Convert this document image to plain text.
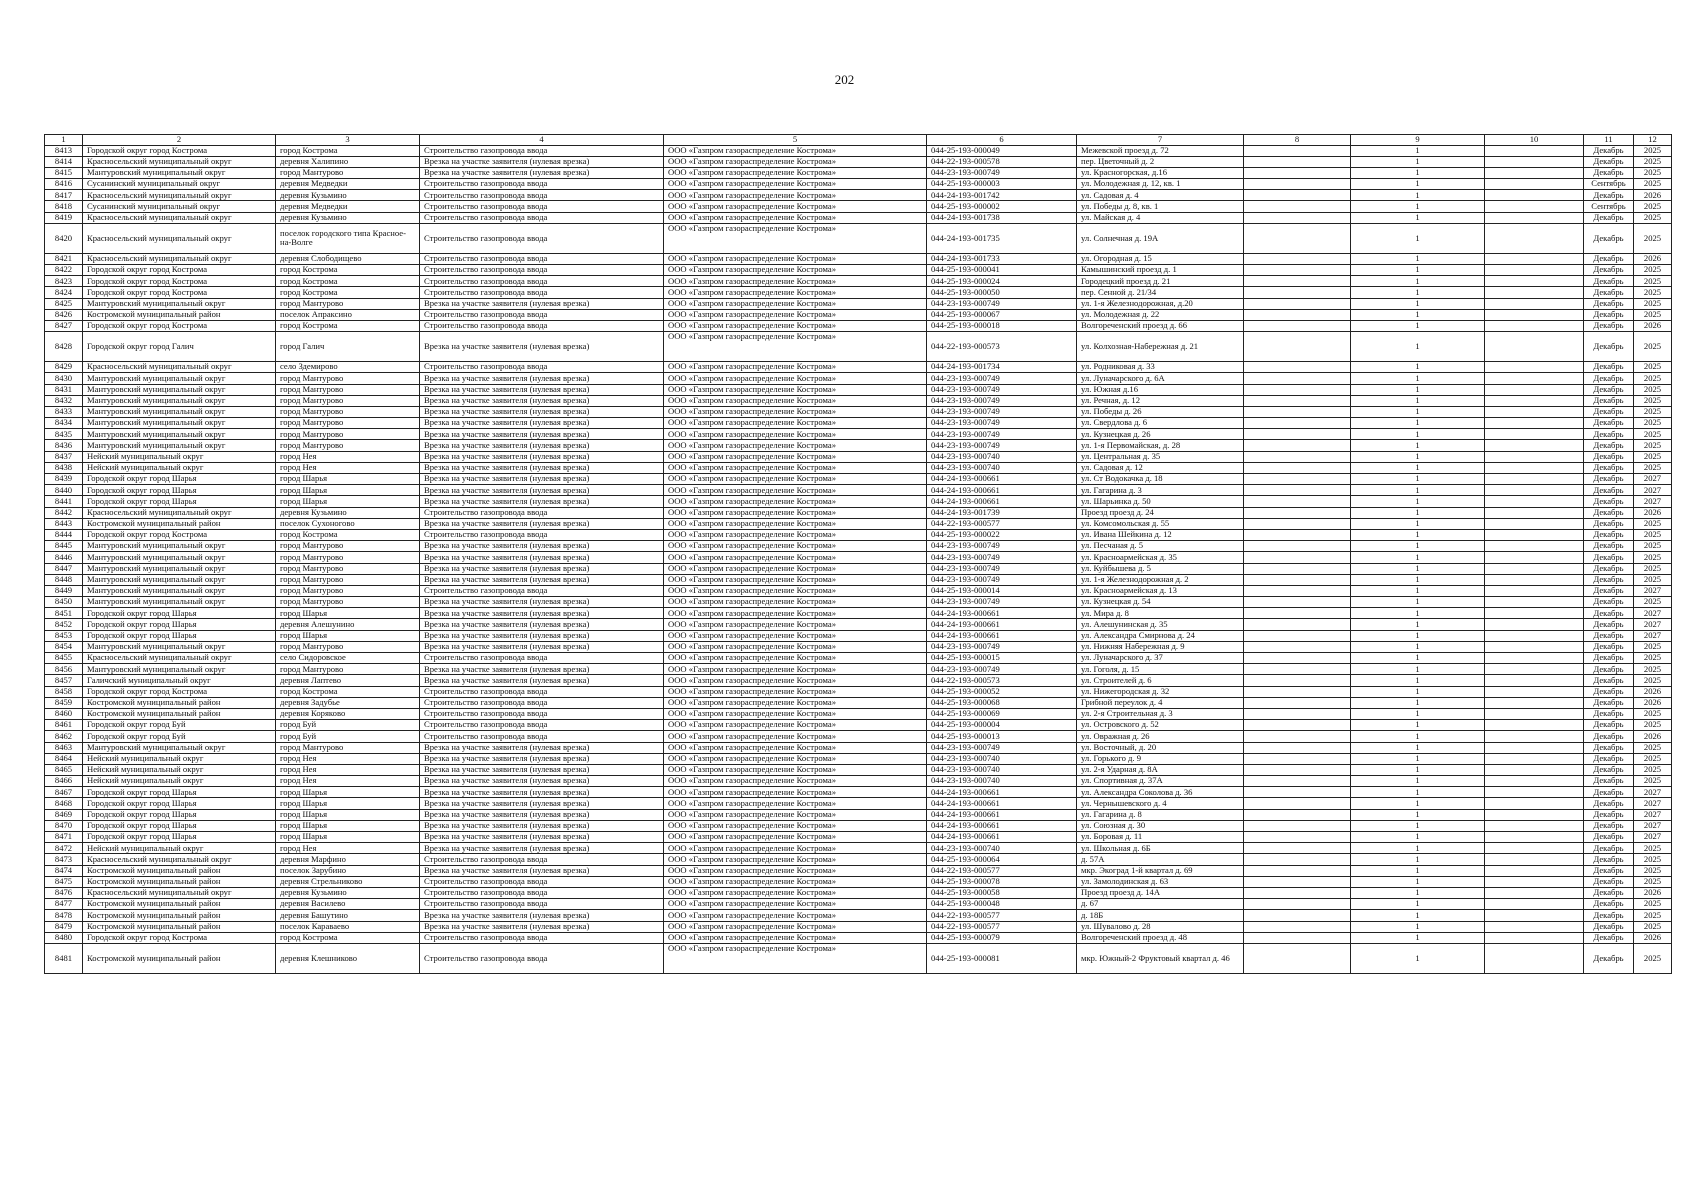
202
1	2	3	4	5	6	7	8	9	10	11	12
8413	Городской округ город Кострома	город Кострома	Строительство газопровода ввода	ООО «Газпром газораспределение Кострома»	044-25-193-000049	Межевской проезд д. 72		1		Декабрь	2025
8414	Красносельский муниципальный округ	деревня Халипино	Врезка на участке заявителя (нулевая врезка)	ООО «Газпром газораспределение Кострома»	044-22-193-000578	пер. Цветочный д. 2		1		Декабрь	2025
8415	Мантуровский муниципальный округ	город Мантурово	Врезка на участке заявителя (нулевая врезка)	ООО «Газпром газораспределение Кострома»	044-23-193-000749	ул. Красногорская, д.16		1		Декабрь	2025
8416	Сусанинский муниципальный округ	деревня Медведки	Строительство газопровода ввода	ООО «Газпром газораспределение Кострома»	044-25-193-000003	ул. Молодежная д. 12, кв. 1		1		Сентябрь	2025
8417	Красносельский муниципальный округ	деревня Кузьмино	Строительство газопровода ввода	ООО «Газпром газораспределение Кострома»	044-24-193-001742	ул. Садовая д. 4		1		Декабрь	2026
8418	Сусанинский муниципальный округ	деревня Медведки	Строительство газопровода ввода	ООО «Газпром газораспределение Кострома»	044-25-193-000002	ул. Победы д. 8, кв. 1		1		Сентябрь	2025
8419	Красносельский муниципальный округ	деревня Кузьмино	Строительство газопровода ввода	ООО «Газпром газораспределение Кострома»	044-24-193-001738	ул. Майская д. 4		1		Декабрь	2025
8420	Красносельский муниципальный округ	поселок городского типа Красное-на-Волге	Строительство газопровода ввода	ООО «Газпром газораспределение Кострома»	044-24-193-001735	ул. Солнечная д. 19А		1		Декабрь	2025
8421	Красносельский муниципальный округ	деревня Слободищево	Строительство газопровода ввода	ООО «Газпром газораспределение Кострома»	044-24-193-001733	ул. Огородная д. 15		1		Декабрь	2026
8422	Городской округ город Кострома	город Кострома	Строительство газопровода ввода	ООО «Газпром газораспределение Кострома»	044-25-193-000041	Камышинский проезд д. 1		1		Декабрь	2025
8423	Городской округ город Кострома	город Кострома	Строительство газопровода ввода	ООО «Газпром газораспределение Кострома»	044-25-193-000024	Городецкий проезд д. 21		1		Декабрь	2025
8424	Городской округ город Кострома	город Кострома	Строительство газопровода ввода	ООО «Газпром газораспределение Кострома»	044-25-193-000050	пер. Сенной д. 21/34		1		Декабрь	2025
8425	Мантуровский муниципальный округ	город Мантурово	Врезка на участке заявителя (нулевая врезка)	ООО «Газпром газораспределение Кострома»	044-23-193-000749	ул. 1-я Железнодорожная, д.20		1		Декабрь	2025
8426	Костромской муниципальный район	поселок Апраксино	Строительство газопровода ввода	ООО «Газпром газораспределение Кострома»	044-25-193-000067	ул. Молодежная д. 22		1		Декабрь	2025
8427	Городской округ город Кострома	город Кострома	Строительство газопровода ввода	ООО «Газпром газораспределение Кострома»	044-25-193-000018	Волгореченский проезд д. 66		1		Декабрь	2026
8428	Городской округ город Галич	город Галич	Врезка на участке заявителя (нулевая врезка)	ООО «Газпром газораспределение Кострома»	044-22-193-000573	ул. Колхозная-Набережная д. 21		1		Декабрь	2025
8429	Красносельский муниципальный округ	село Здемирово	Строительство газопровода ввода	ООО «Газпром газораспределение Кострома»	044-24-193-001734	ул. Родниковая д. 33		1		Декабрь	2025
8430	Мантуровский муниципальный округ	город Мантурово	Врезка на участке заявителя (нулевая врезка)	ООО «Газпром газораспределение Кострома»	044-23-193-000749	ул. Луначарского д. 6А		1		Декабрь	2025
8431	Мантуровский муниципальный округ	город Мантурово	Врезка на участке заявителя (нулевая врезка)	ООО «Газпром газораспределение Кострома»	044-23-193-000749	ул. Южная д.16		1		Декабрь	2025
8432	Мантуровский муниципальный округ	город Мантурово	Врезка на участке заявителя (нулевая врезка)	ООО «Газпром газораспределение Кострома»	044-23-193-000749	ул. Речная, д. 12		1		Декабрь	2025
8433	Мантуровский муниципальный округ	город Мантурово	Врезка на участке заявителя (нулевая врезка)	ООО «Газпром газораспределение Кострома»	044-23-193-000749	ул. Победы д. 26		1		Декабрь	2025
8434	Мантуровский муниципальный округ	город Мантурово	Врезка на участке заявителя (нулевая врезка)	ООО «Газпром газораспределение Кострома»	044-23-193-000749	ул. Свердлова д. 6		1		Декабрь	2025
8435	Мантуровский муниципальный округ	город Мантурово	Врезка на участке заявителя (нулевая врезка)	ООО «Газпром газораспределение Кострома»	044-23-193-000749	ул. Кузнецкая д. 26		1		Декабрь	2025
8436	Мантуровский муниципальный округ	город Мантурово	Врезка на участке заявителя (нулевая врезка)	ООО «Газпром газораспределение Кострома»	044-23-193-000749	ул. 1-я Первомайская, д. 28		1		Декабрь	2025
8437	Нейский муниципальный округ	город Нея	Врезка на участке заявителя (нулевая врезка)	ООО «Газпром газораспределение Кострома»	044-23-193-000740	ул. Центральная д. 35		1		Декабрь	2025
8438	Нейский муниципальный округ	город Нея	Врезка на участке заявителя (нулевая врезка)	ООО «Газпром газораспределение Кострома»	044-23-193-000740	ул. Садовая д. 12		1		Декабрь	2025
8439	Городской округ город Шарья	город Шарья	Врезка на участке заявителя (нулевая врезка)	ООО «Газпром газораспределение Кострома»	044-24-193-000661	ул. Ст Водокачка д. 18		1		Декабрь	2027
8440	Городской округ город Шарья	город Шарья	Врезка на участке заявителя (нулевая врезка)	ООО «Газпром газораспределение Кострома»	044-24-193-000661	ул. Гагарина д. 3		1		Декабрь	2027
8441	Городской округ город Шарья	город Шарья	Врезка на участке заявителя (нулевая врезка)	ООО «Газпром газораспределение Кострома»	044-24-193-000661	ул. Шарьинка д. 50		1		Декабрь	2027
8442	Красносельский муниципальный округ	деревня Кузьмино	Строительство газопровода ввода	ООО «Газпром газораспределение Кострома»	044-24-193-001739	Проезд проезд д. 24		1		Декабрь	2026
8443	Костромской муниципальный район	поселок Сухоногово	Врезка на участке заявителя (нулевая врезка)	ООО «Газпром газораспределение Кострома»	044-22-193-000577	ул. Комсомольская д. 55		1		Декабрь	2025
8444	Городской округ город Кострома	город Кострома	Строительство газопровода ввода	ООО «Газпром газораспределение Кострома»	044-25-193-000022	ул. Ивана Шейкина д. 12		1		Декабрь	2025
8445	Мантуровский муниципальный округ	город Мантурово	Врезка на участке заявителя (нулевая врезка)	ООО «Газпром газораспределение Кострома»	044-23-193-000749	ул. Песчаная д. 5		1		Декабрь	2025
8446	Мантуровский муниципальный округ	город Мантурово	Врезка на участке заявителя (нулевая врезка)	ООО «Газпром газораспределение Кострома»	044-23-193-000749	ул. Красноармейская д. 35		1		Декабрь	2025
8447	Мантуровский муниципальный округ	город Мантурово	Врезка на участке заявителя (нулевая врезка)	ООО «Газпром газораспределение Кострома»	044-23-193-000749	ул. Куйбышева д. 5		1		Декабрь	2025
8448	Мантуровский муниципальный округ	город Мантурово	Врезка на участке заявителя (нулевая врезка)	ООО «Газпром газораспределение Кострома»	044-23-193-000749	ул. 1-я Железнодорожная д. 2		1		Декабрь	2025
8449	Мантуровский муниципальный округ	город Мантурово	Строительство газопровода ввода	ООО «Газпром газораспределение Кострома»	044-25-193-000014	ул. Красноармейская д. 13		1		Декабрь	2027
8450	Мантуровский муниципальный округ	город Мантурово	Врезка на участке заявителя (нулевая врезка)	ООО «Газпром газораспределение Кострома»	044-23-193-000749	ул. Кузнецкая д. 54		1		Декабрь	2025
8451	Городской округ город Шарья	город Шарья	Врезка на участке заявителя (нулевая врезка)	ООО «Газпром газораспределение Кострома»	044-24-193-000661	ул. Мира д. 8		1		Декабрь	2027
8452	Городской округ город Шарья	деревня Алешунино	Врезка на участке заявителя (нулевая врезка)	ООО «Газпром газораспределение Кострома»	044-24-193-000661	ул. Алешунинская д. 35		1		Декабрь	2027
8453	Городской округ город Шарья	город Шарья	Врезка на участке заявителя (нулевая врезка)	ООО «Газпром газораспределение Кострома»	044-24-193-000661	ул. Александра Смирнова д. 24		1		Декабрь	2027
8454	Мантуровский муниципальный округ	город Мантурово	Врезка на участке заявителя (нулевая врезка)	ООО «Газпром газораспределение Кострома»	044-23-193-000749	ул. Нижняя Набережная д. 9		1		Декабрь	2025
8455	Красносельский муниципальный округ	село Сидоровское	Строительство газопровода ввода	ООО «Газпром газораспределение Кострома»	044-25-193-000015	ул. Луначарского д. 37		1		Декабрь	2025
8456	Мантуровский муниципальный округ	город Мантурово	Врезка на участке заявителя (нулевая врезка)	ООО «Газпром газораспределение Кострома»	044-23-193-000749	ул. Гоголя, д. 15		1		Декабрь	2025
8457	Галичский муниципальный округ	деревня Лаптево	Врезка на участке заявителя (нулевая врезка)	ООО «Газпром газораспределение Кострома»	044-22-193-000573	ул. Строителей д. 6		1		Декабрь	2025
8458	Городской округ город Кострома	город Кострома	Строительство газопровода ввода	ООО «Газпром газораспределение Кострома»	044-25-193-000052	ул. Нижегородская д. 32		1		Декабрь	2026
8459	Костромской муниципальный район	деревня Задубье	Строительство газопровода ввода	ООО «Газпром газораспределение Кострома»	044-25-193-000068	Грибной переулок д. 4		1		Декабрь	2026
8460	Костромской муниципальный район	деревня Коряково	Строительство газопровода ввода	ООО «Газпром газораспределение Кострома»	044-25-193-000069	ул. 2-я Строительная д. 3		1		Декабрь	2025
8461	Городской округ город Буй	город Буй	Строительство газопровода ввода	ООО «Газпром газораспределение Кострома»	044-25-193-000004	ул. Островского д. 52		1		Декабрь	2025
8462	Городской округ город Буй	город Буй	Строительство газопровода ввода	ООО «Газпром газораспределение Кострома»	044-25-193-000013	ул. Овражная д. 26		1		Декабрь	2026
8463	Мантуровский муниципальный округ	город Мантурово	Врезка на участке заявителя (нулевая врезка)	ООО «Газпром газораспределение Кострома»	044-23-193-000749	ул. Восточный, д. 20		1		Декабрь	2025
8464	Нейский муниципальный округ	город Нея	Врезка на участке заявителя (нулевая врезка)	ООО «Газпром газораспределение Кострома»	044-23-193-000740	ул. Горького д. 9		1		Декабрь	2025
8465	Нейский муниципальный округ	город Нея	Врезка на участке заявителя (нулевая врезка)	ООО «Газпром газораспределение Кострома»	044-23-193-000740	ул. 2-я Ударная д. 8А		1		Декабрь	2025
8466	Нейский муниципальный округ	город Нея	Врезка на участке заявителя (нулевая врезка)	ООО «Газпром газораспределение Кострома»	044-23-193-000740	ул. Спортивная д. 37А		1		Декабрь	2025
8467	Городской округ город Шарья	город Шарья	Врезка на участке заявителя (нулевая врезка)	ООО «Газпром газораспределение Кострома»	044-24-193-000661	ул. Александра Соколова д. 36		1		Декабрь	2027
8468	Городской округ город Шарья	город Шарья	Врезка на участке заявителя (нулевая врезка)	ООО «Газпром газораспределение Кострома»	044-24-193-000661	ул. Чернышевского д. 4		1		Декабрь	2027
8469	Городской округ город Шарья	город Шарья	Врезка на участке заявителя (нулевая врезка)	ООО «Газпром газораспределение Кострома»	044-24-193-000661	ул. Гагарина д. 8		1		Декабрь	2027
8470	Городской округ город Шарья	город Шарья	Врезка на участке заявителя (нулевая врезка)	ООО «Газпром газораспределение Кострома»	044-24-193-000661	ул. Союзная д. 30		1		Декабрь	2027
8471	Городской округ город Шарья	город Шарья	Врезка на участке заявителя (нулевая врезка)	ООО «Газпром газораспределение Кострома»	044-24-193-000661	ул. Боровая д. 11		1		Декабрь	2027
8472	Нейский муниципальный округ	город Нея	Врезка на участке заявителя (нулевая врезка)	ООО «Газпром газораспределение Кострома»	044-23-193-000740	ул. Школьная д. 6Б		1		Декабрь	2025
8473	Красносельский муниципальный округ	деревня Марфино	Строительство газопровода ввода	ООО «Газпром газораспределение Кострома»	044-25-193-000064	д. 57А		1		Декабрь	2025
8474	Костромской муниципальный район	поселок Зарубино	Врезка на участке заявителя (нулевая врезка)	ООО «Газпром газораспределение Кострома»	044-22-193-000577	мкр. Экоград 1-й квартал д. 69		1		Декабрь	2025
8475	Костромской муниципальный район	деревня Стрельниково	Строительство газопровода ввода	ООО «Газпром газораспределение Кострома»	044-25-193-000078	ул. Замолодинская д. 63		1		Декабрь	2025
8476	Красносельский муниципальный округ	деревня Кузьмино	Строительство газопровода ввода	ООО «Газпром газораспределение Кострома»	044-25-193-000058	Проезд проезд д. 14А		1		Декабрь	2026
8477	Костромской муниципальный район	деревня Василево	Строительство газопровода ввода	ООО «Газпром газораспределение Кострома»	044-25-193-000048	д. 67		1		Декабрь	2025
8478	Костромской муниципальный район	деревня Башутино	Врезка на участке заявителя (нулевая врезка)	ООО «Газпром газораспределение Кострома»	044-22-193-000577	д. 18Б		1		Декабрь	2025
8479	Костромской муниципальный район	поселок Караваево	Врезка на участке заявителя (нулевая врезка)	ООО «Газпром газораспределение Кострома»	044-22-193-000577	ул. Шувалово д. 28		1		Декабрь	2025
8480	Городской округ город Кострома	город Кострома	Строительство газопровода ввода	ООО «Газпром газораспределение Кострома»	044-25-193-000079	Волгореченский проезд д. 48		1		Декабрь	2026
8481	Костромской муниципальный район	деревня Клешниково	Строительство газопровода ввода	ООО «Газпром газораспределение Кострома»	044-25-193-000081	мкр. Южный-2 Фруктовый квартал д. 46		1		Декабрь	2025
